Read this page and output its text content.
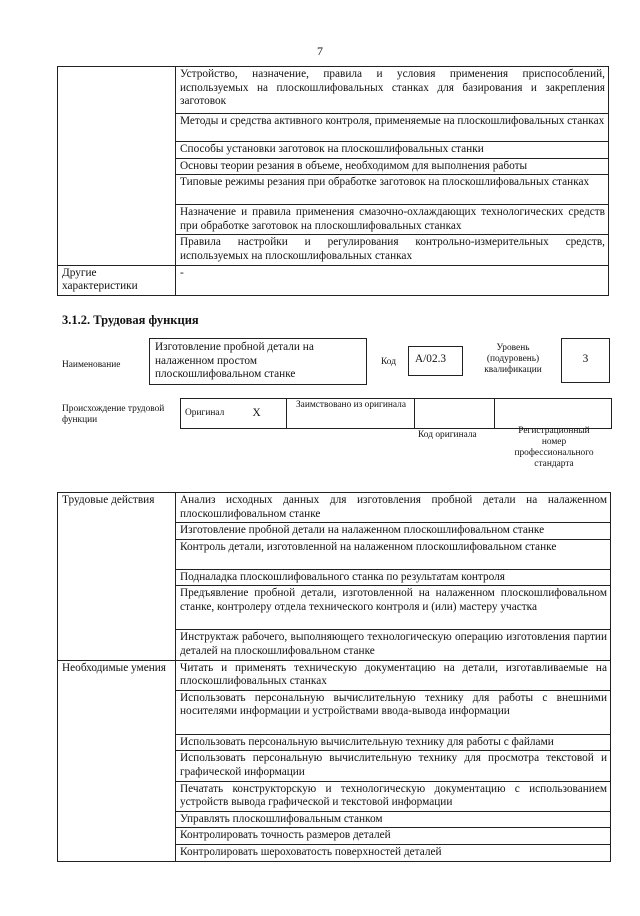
7
	Устройство, назначение, правила и условия применения приспособлений, используемых на плоскошлифовальных станках для базирования и закрепления заготовок
	Методы и средства активного контроля, применяемые на плоскошлифовальных станках
	Способы установки заготовок на плоскошлифовальных станки
	Основы теории резания в объеме, необходимом для выполнения работы
	Типовые режимы резания при обработке заготовок на плоскошлифовальных станках
	Назначение и правила применения смазочно-охлаждающих технологических средств при обработке заготовок на плоскошлифовальных станках
	Правила настройки и регулирования контрольно-измерительных средств, используемых на плоскошлифовальных станках
Другие характеристики	-
3.1.2. Трудовая функция
Наименование
Изготовление пробной детали на налаженном простом плоскошлифовальном станке
Код	А/02.3
Уровень (подуровень) квалификации
3
Происхождение трудовой функции
Оригинал	X	Заимствовано из оригинала		
Код оригинала	Регистрационный номер профессионального стандарта
Трудовые действия	Анализ исходных данных для изготовления пробной детали на налаженном плоскошлифовальном станке
	Изготовление пробной детали на налаженном плоскошлифовальном станке
	Контроль детали, изготовленной на налаженном плоскошлифовальном станке
	Подналадка плоскошлифовального станка по результатам контроля
	Предъявление пробной детали, изготовленной на налаженном плоскошлифовальном станке, контролеру отдела технического контроля и (или) мастеру участка
	Инструктаж рабочего, выполняющего технологическую операцию изготовления партии деталей на плоскошлифовальном станке
Необходимые умения	Читать и применять техническую документацию на детали, изготавливаемые на плоскошлифовальных станках
	Использовать персональную вычислительную технику для работы с внешними носителями информации и устройствами ввода-вывода информации
	Использовать персональную вычислительную технику для работы с файлами
	Использовать персональную вычислительную технику для просмотра текстовой и графической информации
	Печатать конструкторскую и технологическую документацию с использованием устройств вывода графической и текстовой информации
	Управлять плоскошлифовальным станком
	Контролировать точность размеров деталей
	Контролировать шероховатость поверхностей деталей
